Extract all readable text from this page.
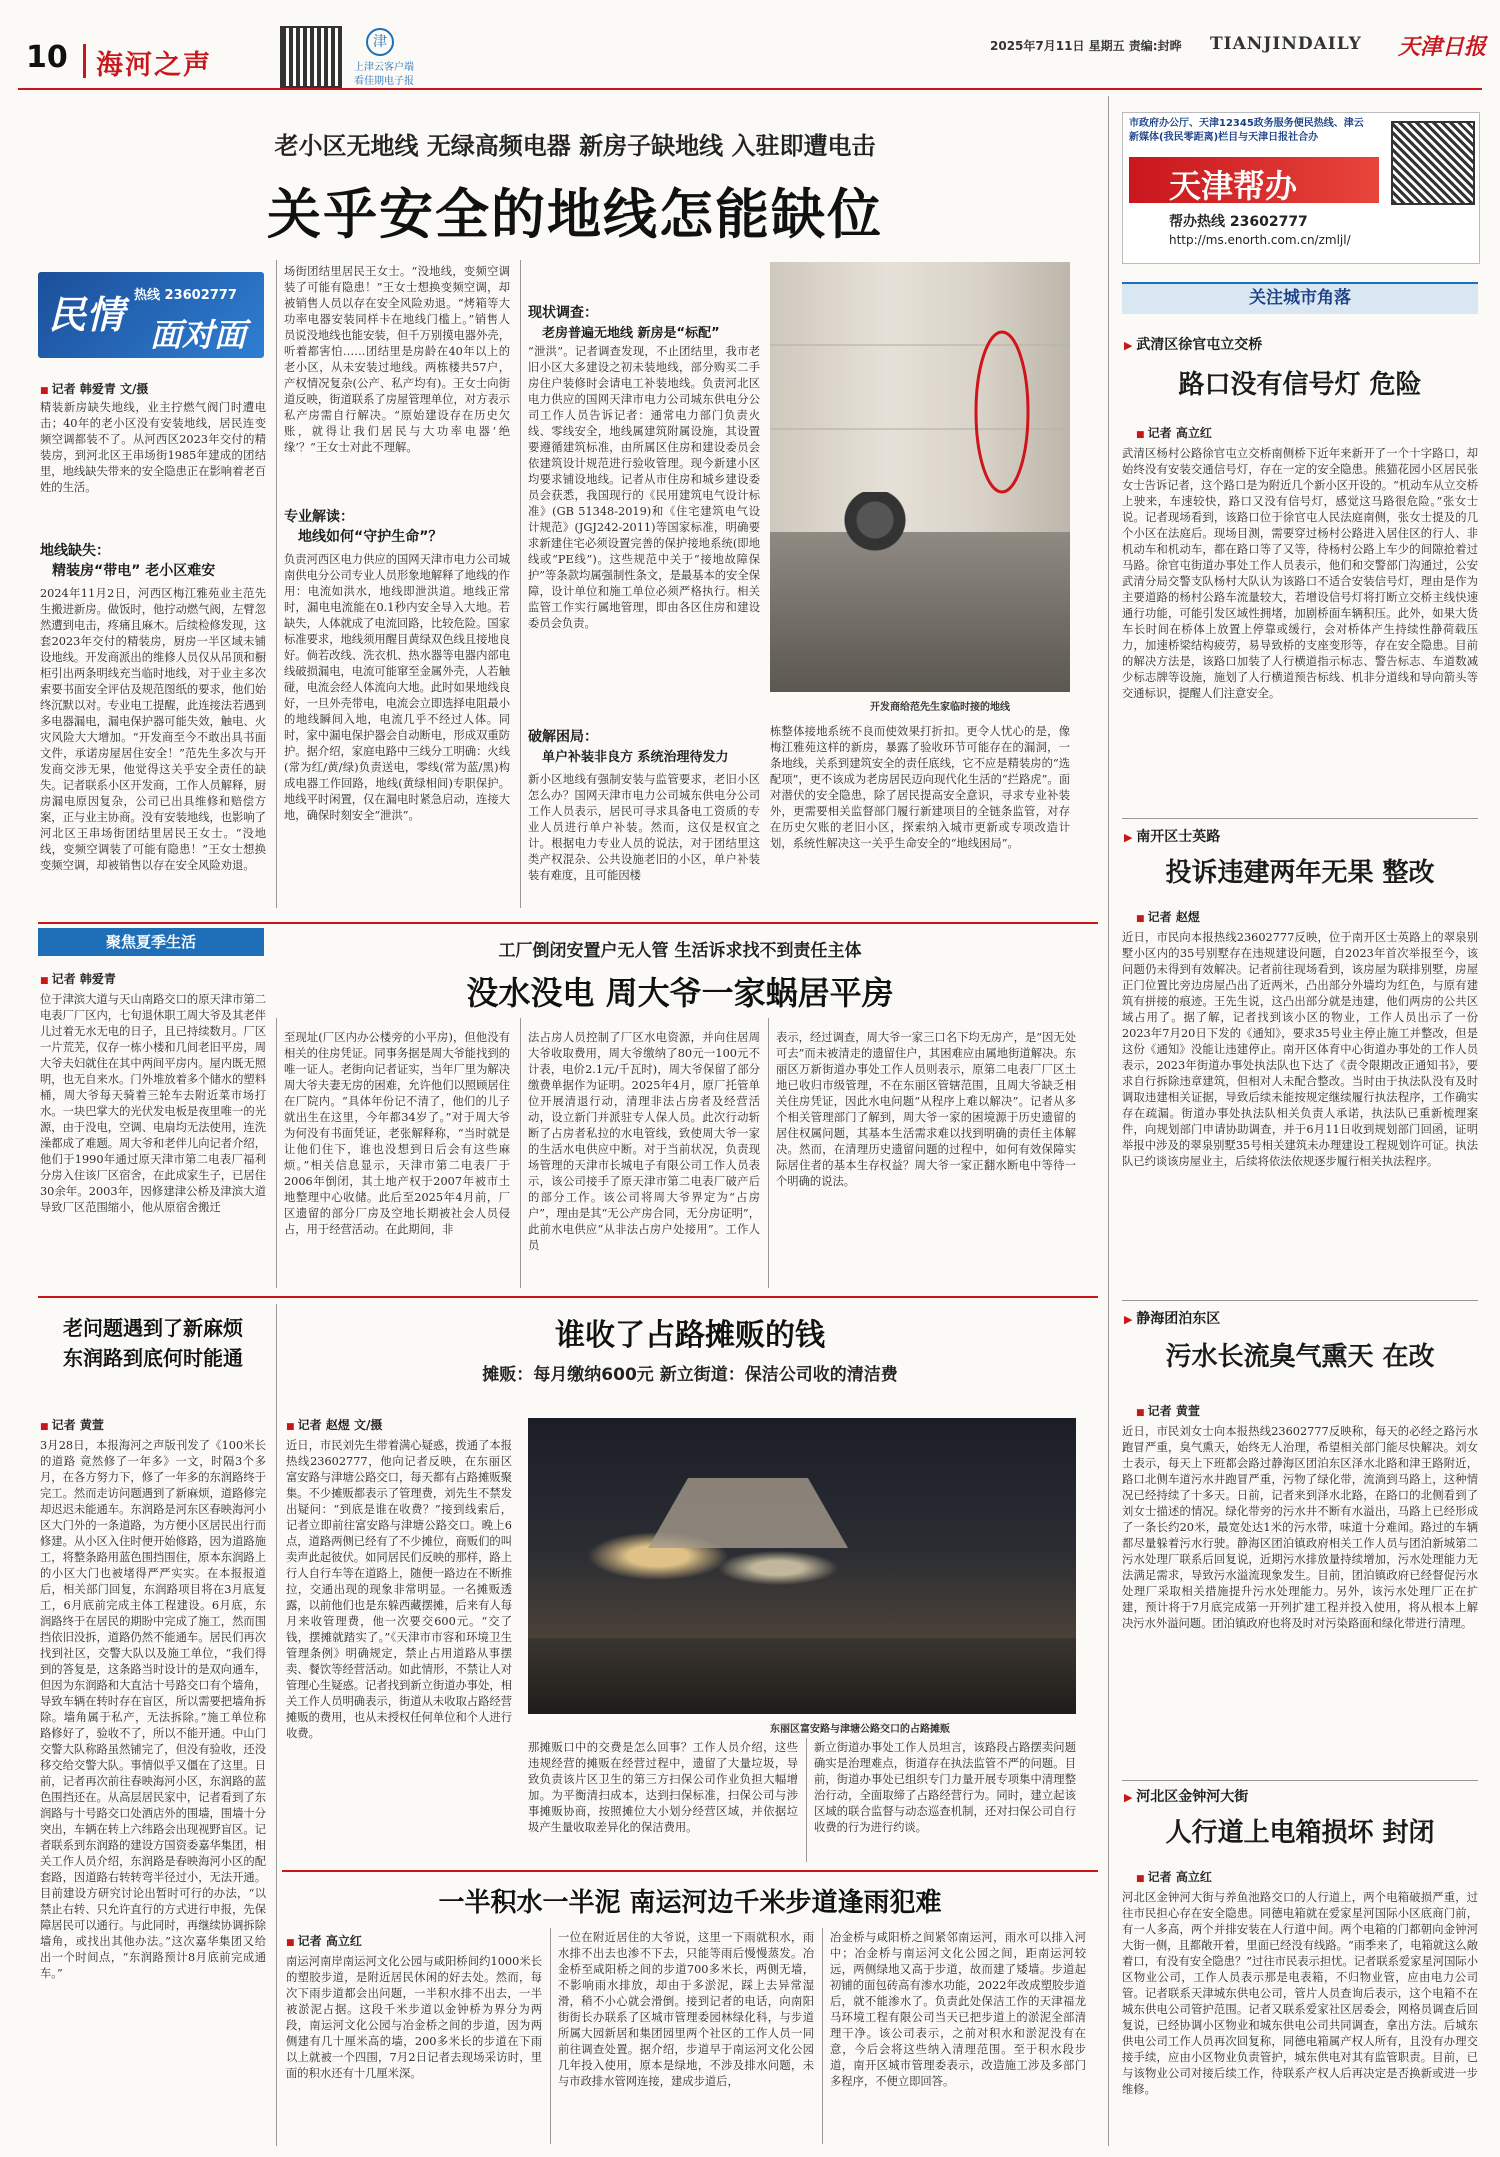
10 海河之声
津
上津云客户端
看佳期电子报
2025年7月11日 星期五 责编:封晔 TIANJINDAILY 天津日报
老小区无地线 无绿高频电器 新房子缺地线 入驻即遭电击
关乎安全的地线怎能缺位
民情 热线 23602777
面对面
■ 记者 韩爱青 文/摄
精装新房缺失地线，业主拧燃气阀门时遭电击；40年的老小区没有安装地线，居民连变频空调都装不了。从河西区2023年交付的精装房，到河北区王串场街1985年建成的团结里，地线缺失带来的安全隐患正在影响着老百姓的生活。
地线缺失：
精装房“带电” 老小区难安
2024年11月2日，河西区梅江雅苑业主范先生搬进新房。做饭时，他拧动燃气阀，左臂忽然遭到电击，疼痛且麻木。后续检修发现，这套2023年交付的精装房，厨房一半区域未铺设地线。开发商派出的维修人员仅从吊顶和橱柜引出两条明线充当临时地线，对于业主多次索要书面安全评估及规范图纸的要求，他们始终沉默以对。专业电工提醒，此连接法若遇到多电器漏电，漏电保护器可能失效，触电、火灾风险大大增加。“开发商至今不敢出具书面文件，承诺房屋居住安全！”范先生多次与开发商交涉无果，他觉得这关乎安全责任的缺失。记者联系小区开发商，工作人员解释，厨房漏电原因复杂，公司已出具维修和赔偿方案，正与业主协商。没有安装地线，也影响了河北区王串场街团结里居民王女士。“没地线，变频空调装了可能有隐患！”王女士想换变频空调，却被销售以存在安全风险劝退。
场街团结里居民王女士。“没地线，变频空调装了可能有隐患！”王女士想换变频空调，却被销售人员以存在安全风险劝退。“烤箱等大功率电器安装同样卡在地线门槛上。”销售人员说没地线也能安装，但千万别摸电器外壳，听着都害怕……团结里是房龄在40年以上的老小区，从未安装过地线。两栋楼共57户，产权情况复杂(公产、私产均有)。王女士向街道反映，街道联系了房屋管理单位，对方表示私产房需自行解决。“原始建设存在历史欠账，就得让我们居民与大功率电器‘绝缘’？”王女士对此不理解。
专业解读：
地线如何“守护生命”？
负责河西区电力供应的国网天津市电力公司城南供电分公司专业人员形象地解释了地线的作用：电流如洪水，地线即泄洪道。地线正常时，漏电电流能在0.1秒内安全导入大地。若缺失，人体就成了电流回路，比较危险。国家标准要求，地线须用醒目黄绿双色线且接地良好。倘若改线、洗衣机、热水器等电器内部电线破损漏电，电流可能窜至金属外壳，人若触碰，电流会经人体流向大地。此时如果地线良好，一旦外壳带电，电流会立即选择电阻最小的地线瞬间入地，电流几乎不经过人体。同时，家中漏电保护器会自动断电，形成双重防护。据介绍，家庭电路中三线分工明确：火线(常为红/黄/绿)负责送电，零线(常为蓝/黑)构成电器工作回路，地线(黄绿相间)专职保护。地线平时闲置，仅在漏电时紧急启动，连接大地，确保时刻安全“泄洪”。
现状调查：
老房普遍无地线 新房是“标配”
“泄洪”。记者调查发现，不止团结里，我市老旧小区大多建设之初未装地线，部分购买二手房住户装修时会请电工补装地线。负责河北区电力供应的国网天津市电力公司城东供电分公司工作人员告诉记者：通常电力部门负责火线、零线安全，地线属建筑附属设施，其设置要遵循建筑标准，由所属区住房和建设委员会依建筑设计规范进行验收管理。现今新建小区均要求铺设地线。记者从市住房和城乡建设委员会获悉，我国现行的《民用建筑电气设计标准》(GB 51348-2019)和《住宅建筑电气设计规范》(JGJ242-2011)等国家标准，明确要求新建住宅必须设置完善的保护接地系统(即地线或“PE线”)。这些规范中关于“接地故障保护”等条款均属强制性条文，是最基本的安全保障，设计单位和施工单位必须严格执行。相关监管工作实行属地管理，即由各区住房和建设委员会负责。
破解困局：
单户补装非良方 系统治理待发力
新小区地线有强制安装与监管要求，老旧小区怎么办？国网天津市电力公司城东供电分公司工作人员表示，居民可寻求具备电工资质的专业人员进行单户补装。然而，这仅是权宜之计。根据电力专业人员的说法，对于团结里这类产权混杂、公共设施老旧的小区，单户补装装有难度，且可能因楼
开发商给范先生家临时接的地线
栋整体接地系统不良而使效果打折扣。更令人忧心的是，像梅江雅苑这样的新房，暴露了验收环节可能存在的漏洞，一条地线，关系到建筑安全的责任底线，它不应是精装房的“选配项”，更不该成为老房居民迈向现代化生活的“拦路虎”。面对潜伏的安全隐患，除了居民提高安全意识，寻求专业补装外，更需要相关监督部门履行新建项目的全链条监管，对存在历史欠账的老旧小区，探索纳入城市更新或专项改造计划，系统性解决这一关乎生命安全的“地线困局”。
市政府办公厅、天津12345政务服务便民热线、津云新媒体(我民零距离)栏目与天津日报社合办
天津帮办
帮办热线 23602777
http://ms.enorth.com.cn/zmljl/
关注城市角落
▶ 武清区徐官屯立交桥
路口没有信号灯 危险
■ 记者 高立红
武清区杨村公路徐官屯立交桥南侧桥下近年来新开了一个十字路口，却始终没有安装交通信号灯，存在一定的安全隐患。熊猫花园小区居民张女士告诉记者，这个路口是为附近几个新小区开设的。“机动车从立交桥上驶来，车速较快，路口又没有信号灯，感觉这马路很危险。”张女士说。记者现场看到，该路口位于徐官屯人民法庭南侧，张女士提及的几个小区在法庭后。现场目测，需要穿过杨村公路进入居住区的行人、非机动车和机动车，都在路口等了又等，待杨村公路上车少的间隙抢着过马路。徐官屯街道办事处工作人员表示，他们和交警部门沟通过，公安武清分局交警支队杨村大队认为该路口不适合安装信号灯，理由是作为主要道路的杨村公路车流量较大，若增设信号灯将打断立交桥主线快速通行功能，可能引发区域性拥堵，加剧桥面车辆积压。此外，如果大货车长时间在桥体上放置上停靠或缓行，会对桥体产生持续性静荷载压力，加速桥梁结构疲劳，易导致桥的支座变形等，存在安全隐患。目前的解决方法是，该路口加装了人行横道指示标志、警告标志、车道数减少标志牌等设施，施划了人行横道预告标线、机非分道线和导向箭头等交通标识，提醒人们注意安全。
▶ 南开区士英路
投诉违建两年无果 整改
■ 记者 赵煜
近日，市民向本报热线23602777反映，位于南开区士英路上的翠泉别墅小区内的35号别墅存在违规建设问题，自2023年首次举报至今，该问题仍未得到有效解决。记者前往现场看到，该房屋为联排别墅，房屋正门位置比旁边房屋凸出了近两米，凸出部分外墙均为红色，与原有建筑有拼接的痕迹。王先生说，这凸出部分就是违建，他们两房的公共区域占用了。据了解，记者找到该小区的物业，工作人员出示了一份2023年7月20日下发的《通知》，要求35号业主停止施工并整改，但是这份《通知》没能让违建停止。南开区体育中心街道办事处的工作人员表示，2023年街道办事处执法队也下达了《责令限期改正通知书》，要求自行拆除违章建筑，但相对人未配合整改。当时由于执法队没有及时调取违建相关证据，导致后续未能按规定继续履行执法程序，工作确实存在疏漏。街道办事处执法队相关负责人承诺，执法队已重新梳理案件，向规划部门申请协助调查，并于6月11日收到规划部门回函，证明举报中涉及的翠泉别墅35号相关建筑未办理建设工程规划许可证。执法队已约谈该房屋业主，后续将依法依规逐步履行相关执法程序。
▶ 静海团泊东区
污水长流臭气熏天 在改
■ 记者 黄萱
近日，市民刘女士向本报热线23602777反映称，每天的必经之路污水跑冒严重，臭气熏天，始终无人治理，希望相关部门能尽快解决。刘女士表示，每天上下班都会路过静海区团泊东区泽水北路和津王路附近，路口北侧车道污水井跑冒严重，污物了绿化带，流淌到马路上，这种情况已经持续了十多天。日前，记者来到泽水北路，在路口的北侧看到了刘女士描述的情况。绿化带旁的污水井不断有水溢出，马路上已经形成了一条长约20米，最宽处达1米的污水带，味道十分难闻。路过的车辆都尽量躲着污水行驶。静海区团泊镇政府相关工作人员与团泊新城第二污水处理厂联系后回复说，近期污水排放量持续增加，污水处理能力无法满足需求，导致污水溢流现象发生。目前，团泊镇政府已经督促污水处理厂采取相关措施提升污水处理能力。另外，该污水处理厂正在扩建，预计将于7月底完成第一开列扩建工程并投入使用，将从根本上解决污水外溢问题。团泊镇政府也将及时对污染路面和绿化带进行清理。
▶ 河北区金钟河大街
人行道上电箱损坏 封闭
■ 记者 高立红
河北区金钟河大街与养鱼池路交口的人行道上，两个电箱破损严重，过往市民担心存在安全隐患。同德电箱就在爱家星河国际小区底商门前，有一人多高，两个并排安装在人行道中间。两个电箱的门都朝向金钟河大街一侧，且都敞开着，里面已经没有线路。“雨季来了，电箱就这么敞着口，有没有安全隐患？”过往市民表示担忧。记者联系爱家星河国际小区物业公司，工作人员表示那是电表箱，不归物业管，应由电力公司管。记者联系天津城东供电公司，管片人员查询后表示，这个电箱不在城东供电公司管护范围。记者又联系爱家社区居委会，网格员调查后回复说，已经协调小区物业和城东供电公司共同调查，拿出方法。后城东供电公司工作人员再次回复称，同德电箱属产权人所有，且没有办理交接手续，应由小区物业负责管护，城东供电对其有监管职责。目前，已与该物业公司对接后续工作，待联系产权人后再决定是否换新或进一步维修。
聚焦夏季生活	工厂倒闭安置户无人管 生活诉求找不到责任主体
没水没电 周大爷一家蜗居平房
■ 记者 韩爱青
位于津滨大道与天山南路交口的原天津市第二电表厂厂区内，七旬退休职工周大爷及其老伴儿过着无水无电的日子，且已持续数月。厂区一片荒芜，仅存一栋小楼和几间老旧平房，周大爷夫妇就住在其中两间平房内。屋内既无照明，也无自来水。门外堆放着多个储水的塑料桶，周大爷每天骑着三轮车去附近菜市场打水。一块巴掌大的光伏发电板是夜里唯一的光源，由于没电，空调、电扇均无法使用，连洗澡都成了难题。周大爷和老伴儿向记者介绍，他们于1990年通过原天津市第二电表厂福利分房入住该厂区宿舍，在此成家生子，已居住30余年。2003年，因修建津公桥及津滨大道导致厂区范围缩小，他从原宿舍搬迁
至现址(厂区内办公楼旁的小平房)，但他没有相关的住房凭证。同事务据是周大爷能找到的唯一证人。老街向记者证实，当年厂里为解决周大爷夫妻无房的困难，允许他们以照顾居住在厂院内。“具体年份记不清了，他们的儿子就出生在这里，今年都34岁了。”对于周大爷为何没有书面凭证，老张解释称，“当时就是让他们住下，谁也没想到日后会有这些麻烦。”相关信息显示，天津市第二电表厂于2006年倒闭，其土地产权于2007年被市土地整理中心收储。此后至2025年4月前，厂区遗留的部分厂房及空地长期被社会人员侵占，用于经营活动。在此期间，非
法占房人员控制了厂区水电资源，并向住居周大爷收取费用，周大爷缴纳了80元一100元不计表，电价2.1元/千瓦时)，周大爷保留了部分缴费单据作为证明。2025年4月，原厂托管单位开展清退行动，清理非法占房者及经营活动，设立新门并派驻专人保人员。此次行动斩断了占房者私拉的水电管线，致使周大爷一家的生活水电供应中断。对于当前状况，负责现场管理的天津市长城电子有限公司工作人员表示，该公司接手了原天津市第二电表厂破产后的部分工作。该公司将周大爷界定为“占房户”，理由是其“无公产房合同，无分房证明”，此前水电供应“从非法占房户处接用”。工作人员
表示，经过调查，周大爷一家三口名下均无房产，是“因无处可去”而未被清走的遗留住户，其困难应由属地街道解决。东丽区万新街道办事处工作人员则表示，原第二电表厂厂区土地已收归市级管理，不在东丽区管辖范围，且周大爷缺乏相关住房凭证，因此水电问题“从程序上难以解决”。记者从多个相关管理部门了解到，周大爷一家的困境源于历史遗留的居住权属问题，其基本生活需求难以找到明确的责任主体解决。然而，在清理历史遗留问题的过程中，如何有效保障实际居住者的基本生存权益？周大爷一家正翻水断电中等待一个明确的说法。
老问题遇到了新麻烦
东润路到底何时能通
■ 记者 黄萱
3月28日，本报海河之声版刊发了《100米长的道路 竟然修了一年多》一文，时隔3个多月，在各方努力下，修了一年多的东润路终于完工。然而走访问题遇到了新麻烦，道路修完却迟迟未能通车。东润路是河东区春映海河小区大门外的一条道路，为方便小区居民出行而修建。从小区入住时便开始修路，因为道路施工，将整条路用蓝色围挡围住，原本东润路上的小区大门也被堵得严严实实。在本报报道后，相关部门回复，东润路项目将在3月底复工，6月底前完成主体工程建设。6月底，东润路终于在居民的期盼中完成了施工，然而围挡依旧没拆，道路仍然不能通车。居民们再次找到社区，交警大队以及施工单位，“我们得到的答复是，这条路当时设计的是双向通车，但因为东润路和大直沽十号路交口有个墙角，导致车辆在转时存在盲区，所以需要把墙角拆除。墙角属于私产，无法拆除。”施工单位称路修好了，验收不了，所以不能开通。中山门交警大队称路虽然铺完了，但没有验收，还没移交给交警大队。事情似乎又僵在了这里。日前，记者再次前往春映海河小区，东润路的蓝色围挡还在。从高层居民家中，记者看到了东润路与十号路交口处酒店外的围墙，围墙十分突出，车辆在转上六纬路会出现视野盲区。记者联系到东润路的建设方国资委嘉华集团，相关工作人员介绍，东润路是春映海河小区的配套路，因道路右转转弯半径过小，无法开通。目前建设方研究讨论出暂时可行的办法，“以禁止右转、只允许直行的方式进行申报，先保障居民可以通行。与此同时，再继续协调拆除墙角，或找出其他办法。”这次嘉华集团又给出一个时间点，“东润路预计8月底前完成通车。”
谁收了占路摊贩的钱
摊贩：每月缴纳600元 新立街道：保洁公司收的清洁费
■ 记者 赵煜 文/摄
近日，市民刘先生带着满心疑惑，拨通了本报热线23602777，他向记者反映，在东丽区富安路与津塘公路交口，每天都有占路摊贩聚集。不少摊贩都表示了管理费，刘先生不禁发出疑问：“到底是谁在收费？”接到线索后，记者立即前往富安路与津塘公路交口。晚上6点，道路两侧已经有了不少摊位，商贩们的叫卖声此起彼伏。如同居民们反映的那样，路上行人自行车等在道路上，随便一路边在不断推拉，交通出现的现象非常明显。一名摊贩透露，以前他们也是东躲西藏摆摊，后来有人每月来收管理费，他一次要交600元。“交了钱，摆摊就踏实了。”《天津市市容和环境卫生管理条例》明确规定，禁止占用道路从事摆卖、餐饮等经营活动。如此情形，不禁让人对管理心生疑惑。记者找到新立街道办事处，相关工作人员明确表示，街道从未收取占路经营摊贩的费用，也从未授权任何单位和个人进行收费。	东丽区富安路与津塘公路交口的占路摊贩
那摊贩口中的交费是怎么回事？工作人员介绍，这些违规经营的摊贩在经营过程中，遗留了大量垃圾，导致负责该片区卫生的第三方扫保公司作业负担大幅增加。为平衡清扫成本，达到扫保标准，扫保公司与涉事摊贩协商，按照摊位大小划分经营区域，并依据垃圾产生量收取差异化的保洁费用。
新立街道办事处工作人员坦言，该路段占路摆卖问题确实是治理难点，街道存在执法监管不严的问题。目前，街道办事处已组织专门力量开展专项集中清理整治行动，全面取缔了占路经营行为。同时，建立起该区域的联合监督与动态巡查机制，还对扫保公司自行收费的行为进行约谈。
一半积水一半泥 南运河边千米步道逢雨犯难
■ 记者 高立红
南运河南岸南运河文化公园与咸阳桥间约1000米长的塑胶步道，是附近居民休闲的好去处。然而，每次下雨步道都会出问题，一半积水排不出去，一半被淤泥占据。这段千米步道以金钟桥为界分为两段，南运河文化公园与冶金桥之间的步道，因为两侧建有几十厘米高的墙，200多米长的步道在下雨以上就被一个四围，7月2日记者去现场采访时，里面的积水还有十几厘米深。
一位在附近居住的大爷说，这里一下雨就积水，雨水排不出去也渗不下去，只能等雨后慢慢蒸发。冶金桥至咸阳桥之间的步道700多米长，两侧无墙，不影响雨水排放，却由于多淤泥，踩上去异常湿滑，稍不小心就会滑倒。接到记者的电话，向南阳街街长办联系了区城市管理委园林绿化科，与步道所属大园新居和集团园里两个社区的工作人员一同前往调查处置。据介绍，步道早于南运河文化公园几年投入使用，原本是绿地，不涉及排水问题，未与市政排水管网连接，建成步道后，
冶金桥与咸阳桥之间紧邻南运河，雨水可以排入河中；冶金桥与南运河文化公园之间，距南运河较远，两侧绿地又高于步道，故而建了矮墙。步道起初铺的面包砖高有渗水功能，2022年改成塑胶步道后，就不能渗水了。负责此处保洁工作的天津福龙马环境工程有限公司当天已把步道上的淤泥全部清理干净。该公司表示，之前对积水和淤泥没有在意，今后会将这些纳入清理范围。至于积水段步道，南开区城市管理委表示，改造施工涉及多部门多程序，不便立即回答。
